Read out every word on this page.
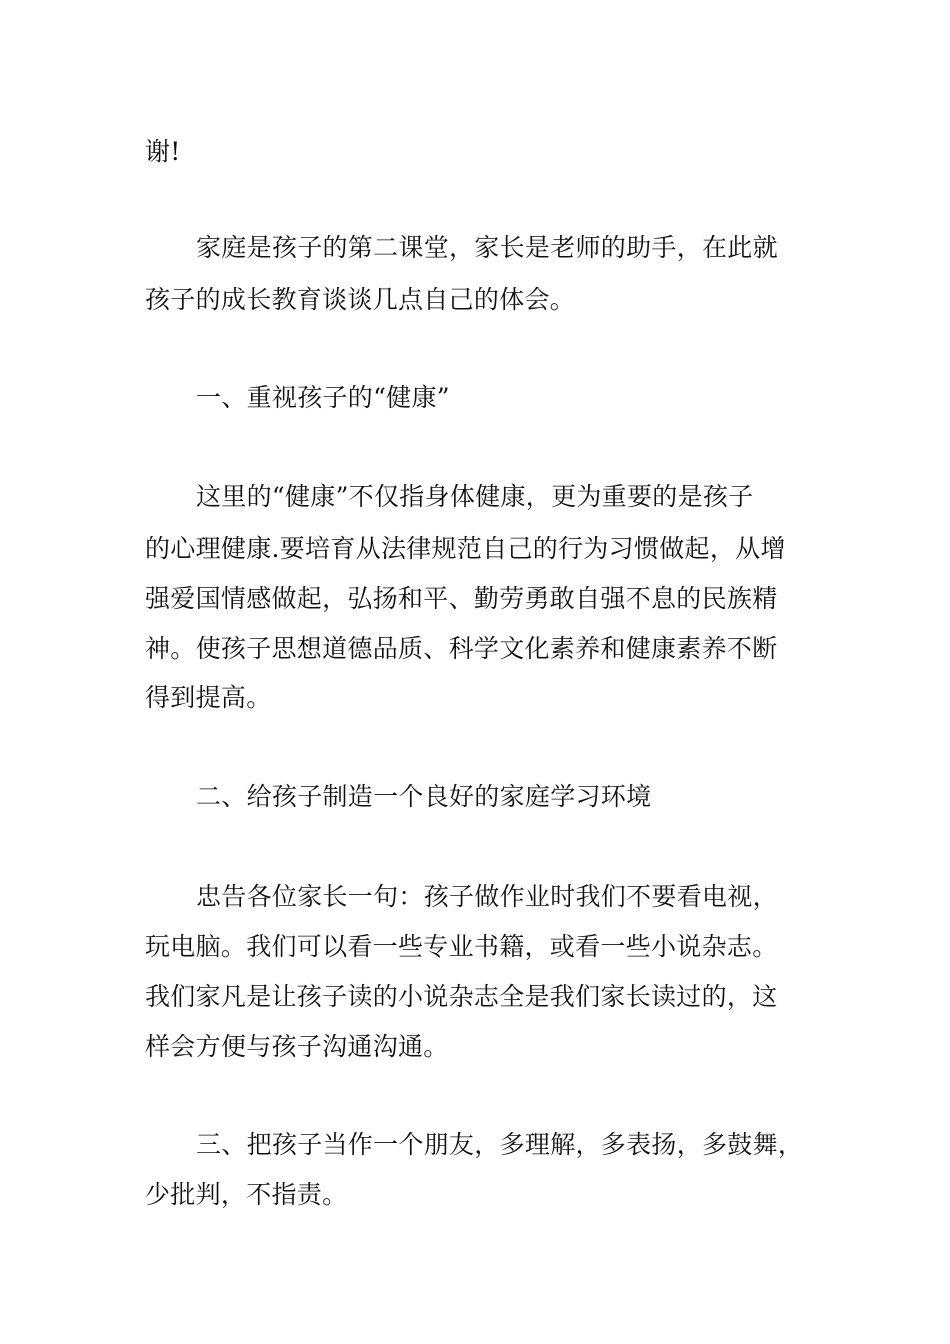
谢!
家庭是孩子的第二课堂，家长是老师的助手，在此就
孩子的成长教育谈谈几点自己的体会。
一、重视孩子的“健康”
这里的“健康”不仅指身体健康，更为重要的是孩子
的心理健康.要培育从法律规范自己的行为习惯做起，从增
强爱国情感做起，弘扬和平、勤劳勇敢自强不息的民族精
神。使孩子思想道德品质、科学文化素养和健康素养不断
得到提高。
二、给孩子制造一个良好的家庭学习环境
忠告各位家长一句：孩子做作业时我们不要看电视，
玩电脑。我们可以看一些专业书籍，或看一些小说杂志。
我们家凡是让孩子读的小说杂志全是我们家长读过的，这
样会方便与孩子沟通沟通。
三、把孩子当作一个朋友，多理解，多表扬，多鼓舞，
少批判，不指责。
